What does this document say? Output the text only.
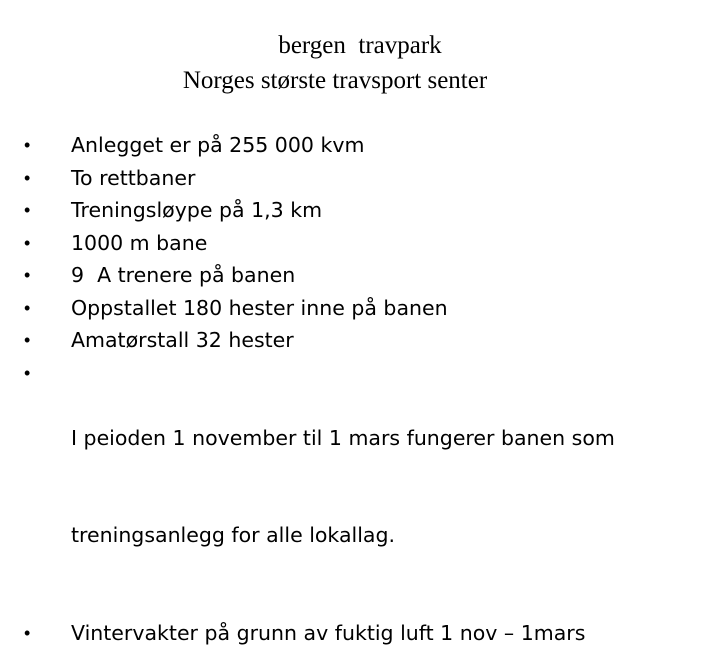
bergen  travpark
Norges største travsport senter
• Anlegget er på 255 000 kvm
• To rettbaner
• Treningsløype på 1,3 km
• 1000 m bane
• 9  A trenere på banen
• Oppstallet 180 hester inne på banen
• Amatørstall 32 hester
•

I peioden 1 november til 1 mars fungerer banen som

treningsanlegg for alle lokallag.

• Vintervakter på grunn av fuktig luft 1 nov – 1mars
